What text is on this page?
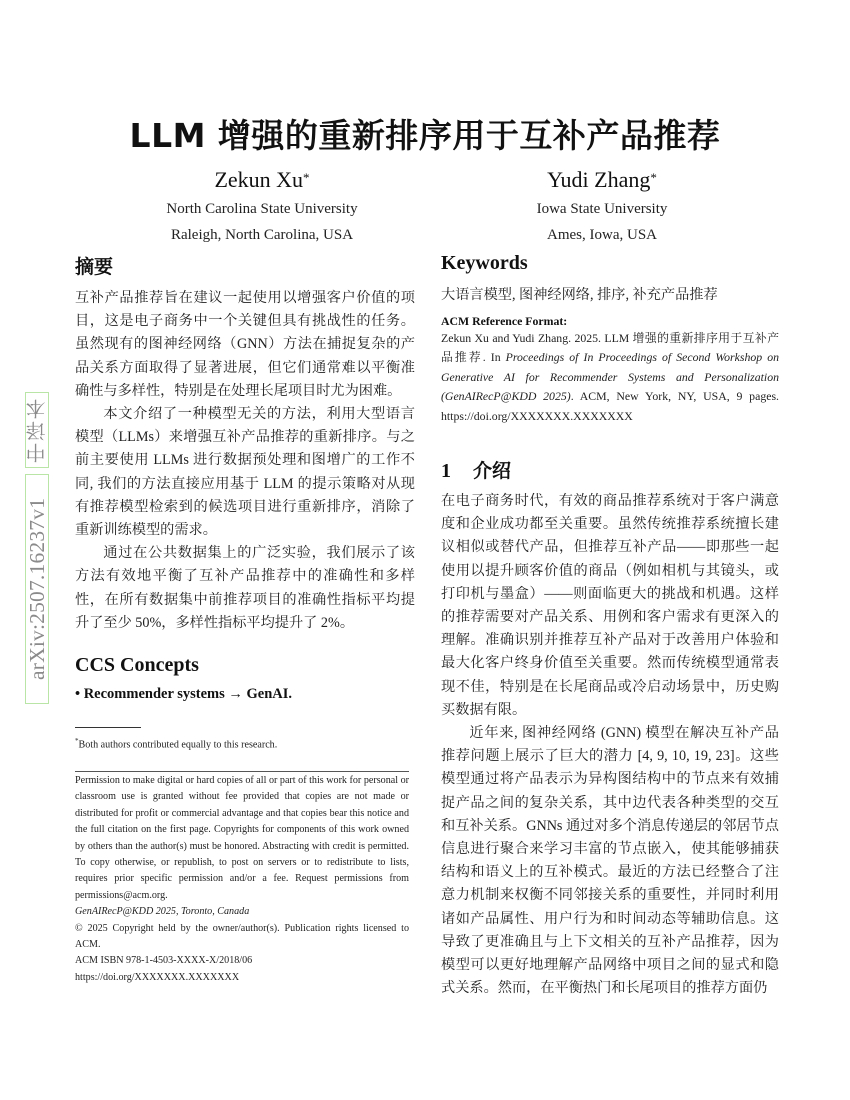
中译本
arXiv:2507.16237v1
LLM 增强的重新排序用于互补产品推荐
Zekun Xu*
North Carolina State University
Raleigh, North Carolina, USA
Yudi Zhang*
Iowa State University
Ames, Iowa, USA
摘要
互补产品推荐旨在建议一起使用以增强客户价值的项目，这是电子商务中一个关键但具有挑战性的任务。虽然现有的图神经网络（GNN）方法在捕捉复杂的产品关系方面取得了显著进展，但它们通常难以平衡准确性与多样性，特别是在处理长尾项目时尤为困难。
本文介绍了一种模型无关的方法，利用大型语言模型（LLMs）来增强互补产品推荐的重新排序。与之前主要使用 LLMs 进行数据预处理和图增广的工作不同, 我们的方法直接应用基于 LLM 的提示策略对从现有推荐模型检索到的候选项目进行重新排序，消除了重新训练模型的需求。
通过在公共数据集上的广泛实验，我们展示了该方法有效地平衡了互补产品推荐中的准确性和多样性，在所有数据集中前推荐项目的准确性指标平均提升了至少 50%，多样性指标平均提升了 2%。
CCS Concepts
• Recommender systems → GenAI.
*Both authors contributed equally to this research.
Permission to make digital or hard copies of all or part of this work for personal or classroom use is granted without fee provided that copies are not made or distributed for profit or commercial advantage and that copies bear this notice and the full citation on the first page. Copyrights for components of this work owned by others than the author(s) must be honored. Abstracting with credit is permitted. To copy otherwise, or republish, to post on servers or to redistribute to lists, requires prior specific permission and/or a fee. Request permissions from permissions@acm.org.
GenAIRecP@KDD 2025, Toronto, Canada
© 2025 Copyright held by the owner/author(s). Publication rights licensed to ACM.
ACM ISBN 978-1-4503-XXXX-X/2018/06
https://doi.org/XXXXXXX.XXXXXXX
Keywords
大语言模型, 图神经网络, 排序, 补充产品推荐
ACM Reference Format:
Zekun Xu and Yudi Zhang. 2025. LLM 增强的重新排序用于互补产品推荐. In Proceedings of In Proceedings of Second Workshop on Generative AI for Recommender Systems and Personalization (GenAIRecP@KDD 2025). ACM, New York, NY, USA, 9 pages. https://doi.org/XXXXXXX.XXXXXXX
1 介绍
在电子商务时代，有效的商品推荐系统对于客户满意度和企业成功都至关重要。虽然传统推荐系统擅长建议相似或替代产品，但推荐互补产品——即那些一起使用以提升顾客价值的商品（例如相机与其镜头，或打印机与墨盒）——则面临更大的挑战和机遇。这样的推荐需要对产品关系、用例和客户需求有更深入的理解。准确识别并推荐互补产品对于改善用户体验和最大化客户终身价值至关重要。然而传统模型通常表现不佳，特别是在长尾商品或冷启动场景中，历史购买数据有限。
近年来, 图神经网络 (GNN) 模型在解决互补产品推荐问题上展示了巨大的潜力 [4, 9, 10, 19, 23]。这些模型通过将产品表示为异构图结构中的节点来有效捕捉产品之间的复杂关系，其中边代表各种类型的交互和互补关系。GNNs 通过对多个消息传递层的邻居节点信息进行聚合来学习丰富的节点嵌入，使其能够捕获结构和语义上的互补模式。最近的方法已经整合了注意力机制来权衡不同邻接关系的重要性，并同时利用诸如产品属性、用户行为和时间动态等辅助信息。这导致了更准确且与上下文相关的互补产品推荐，因为模型可以更好地理解产品网络中项目之间的显式和隐式关系。然而，在平衡热门和长尾项目的推荐方面仍
